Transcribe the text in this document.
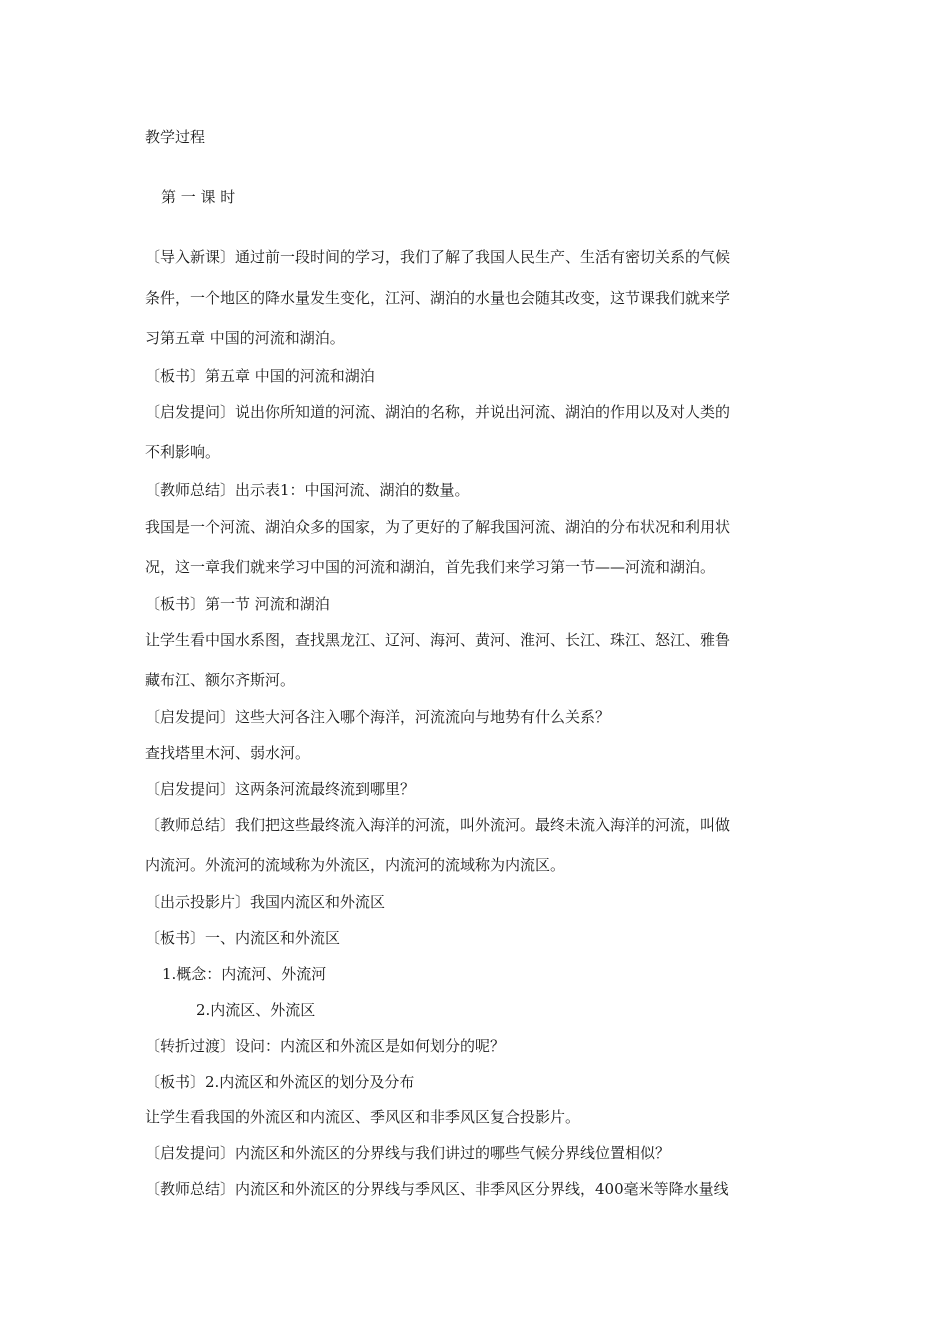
教学过程
第 一 课 时
〔导入新课〕通过前一段时间的学习，我们了解了我国人民生产、生活有密切关系的气候
条件，一个地区的降水量发生变化，江河、湖泊的水量也会随其改变，这节课我们就来学
习第五章 中国的河流和湖泊。
〔板书〕第五章 中国的河流和湖泊
〔启发提问〕说出你所知道的河流、湖泊的名称，并说出河流、湖泊的作用以及对人类的
不利影响。
〔教师总结〕出示表1：中国河流、湖泊的数量。
我国是一个河流、湖泊众多的国家，为了更好的了解我国河流、湖泊的分布状况和利用状
况，这一章我们就来学习中国的河流和湖泊，首先我们来学习第一节——河流和湖泊。
〔板书〕第一节 河流和湖泊
让学生看中国水系图，查找黑龙江、辽河、海河、黄河、淮河、长江、珠江、怒江、雅鲁
藏布江、额尔齐斯河。
〔启发提问〕这些大河各注入哪个海洋，河流流向与地势有什么关系？
查找塔里木河、弱水河。
〔启发提问〕这两条河流最终流到哪里？
〔教师总结〕我们把这些最终流入海洋的河流，叫外流河。最终未流入海洋的河流，叫做
内流河。外流河的流域称为外流区，内流河的流域称为内流区。
〔出示投影片〕我国内流区和外流区
〔板书〕一、内流区和外流区
1.概念：内流河、外流河
2.内流区、外流区
〔转折过渡〕设问：内流区和外流区是如何划分的呢？
〔板书〕2.内流区和外流区的划分及分布
让学生看我国的外流区和内流区、季风区和非季风区复合投影片。
〔启发提问〕内流区和外流区的分界线与我们讲过的哪些气候分界线位置相似？
〔教师总结〕内流区和外流区的分界线与季风区、非季风区分界线，400毫米等降水量线
